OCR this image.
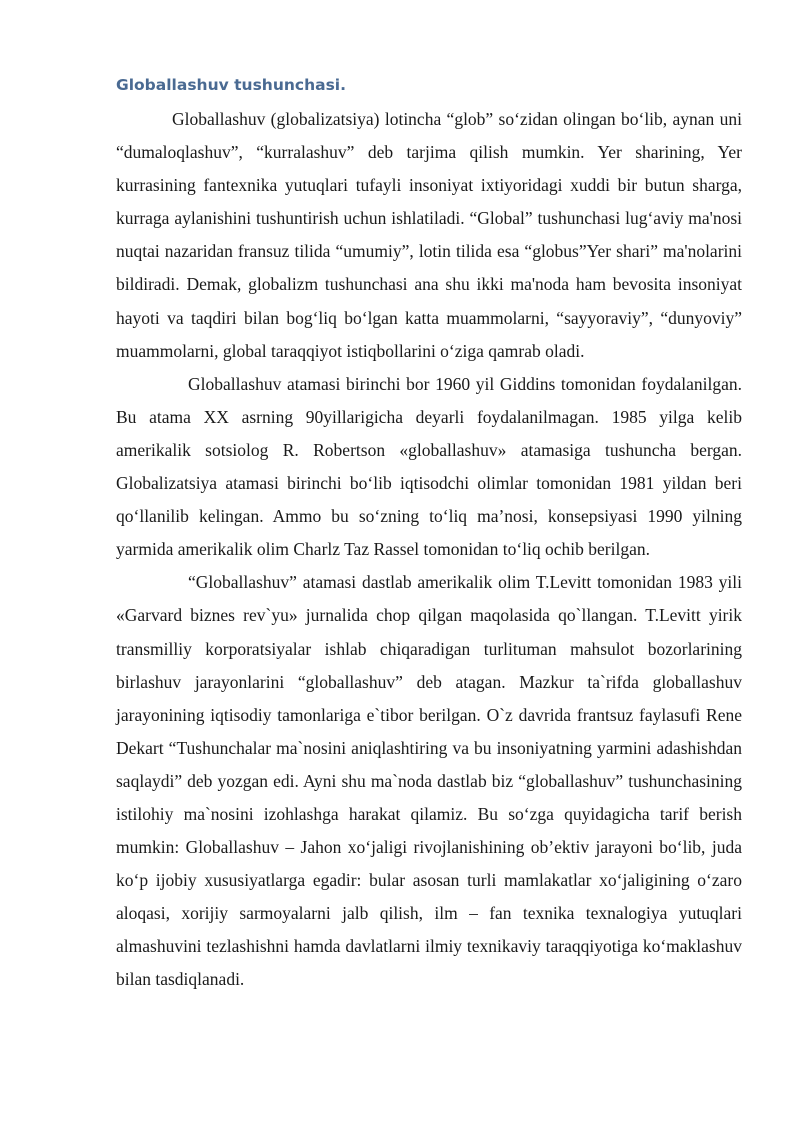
Globallashuv tushunchasi.

Globallashuv (globalizatsiya) lotincha “glob” so‘zidan olingan bo‘lib, aynan uni “dumaloqlashuv”, “kurralashuv” deb tarjima qilish mumkin. Yer sharining, Yer kurrasining fantexnika yutuqlari tufayli insoniyat ixtiyoridagi xuddi bir butun sharga, kurraga aylanishini tushuntirish uchun ishlatiladi. “Global” tushunchasi lug‘aviy ma'nosi nuqtai nazaridan fransuz tilida “umumiy”, lotin tilida esa “globus”Yer shari” ma'nolarini bildiradi. Demak, globalizm tushunchasi ana shu ikki ma'noda ham bevosita insoniyat hayoti va taqdiri bilan bog‘liq bo‘lgan katta muammolarni, “sayyoraviy”, “dunyoviy” muammolarni, global taraqqiyot istiqbollarini o‘ziga qamrab oladi.

Globallashuv atamasi birinchi bor 1960 yil Giddins tomonidan foydalanilgan. Bu atama XX asrning 90yillarigicha deyarli foydalanilmagan. 1985 yilga kelib amerikalik sotsiolog R. Robertson «globallashuv» atamasiga tushuncha bergan. Globalizatsiya atamasi birinchi bo‘lib iqtisodchi olimlar tomonidan 1981 yildan beri qo‘llanilib kelingan. Ammo bu so‘zning to‘liq ma’nosi, konsepsiyasi 1990 yilning yarmida amerikalik olim Charlz Taz Rassel tomonidan to‘liq ochib berilgan.

“Globallashuv” atamasi dastlab amerikalik olim T.Levitt tomonidan 1983 yili «Garvard biznes rev`yu» jurnalida chop qilgan maqolasida qo`llangan. T.Levitt yirik transmilliy korporatsiyalar ishlab chiqaradigan turlituman mahsulot bozorlarining birlashuv jarayonlarini “globallashuv” deb atagan. Mazkur ta`rifda globallashuv jarayonining iqtisodiy tamonlariga e`tibor berilgan. O`z davrida frantsuz faylasufi Rene Dekart “Tushunchalar ma`nosini aniqlashtiring va bu insoniyatning yarmini adashishdan saqlaydi” deb yozgan edi. Ayni shu ma`noda dastlab biz “globallashuv” tushunchasining istilohiy ma`nosini izohlashga harakat qilamiz. Bu so‘zga quyidagicha tarif berish mumkin: Globallashuv – Jahon xo‘jaligi rivojlanishining ob’ektiv jarayoni bo‘lib, juda ko‘p ijobiy xususiyatlarga egadir: bular asosan turli mamlakatlar xo‘jaligining o‘zaro aloqasi, xorijiy sarmoyalarni jalb qilish, ilm – fan texnika texnalogiya yutuqlari almashuvini tezlashishni hamda davlatlarni ilmiy texnikaviy taraqqiyotiga ko‘maklashuv bilan tasdiqlanadi.
